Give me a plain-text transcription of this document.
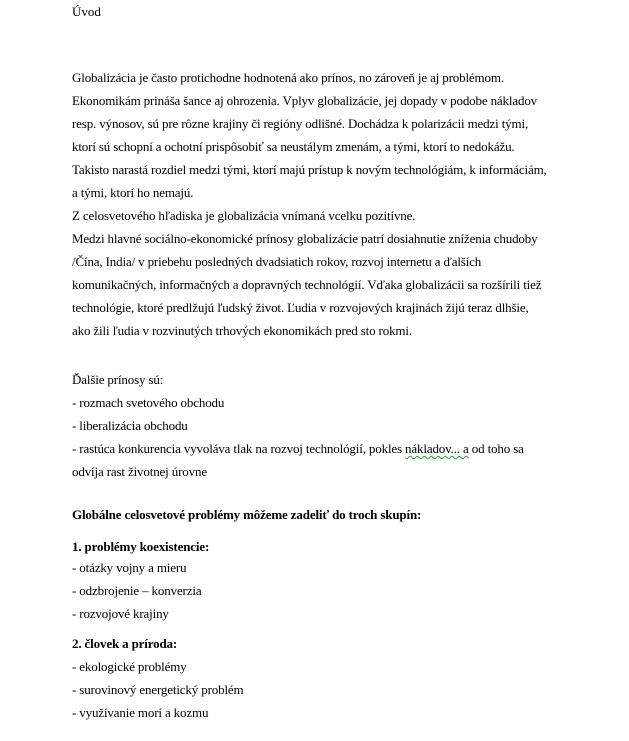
Úvod
Globalizácia je často protichodne hodnotená ako prínos, no zároveň je aj problémom.
Ekonomikám prináša šance aj ohrozenia. Vplyv globalizácie, jej dopady v podobe nákladov
resp. výnosov, sú pre rôzne krajiny či regióny odlišné. Dochádza k polarizácii medzi tými,
ktorí sú schopní a ochotní prispôsobiť sa neustálym zmenám, a tými, ktorí to nedokážu.
Takisto narastá rozdiel medzi tými, ktorí majú prístup k novým technológiám, k informáciám,
a tými, ktorí ho nemajú.
Z celosvetového hľadiska je globalizácia vnímaná vcelku pozitívne.
Medzi hlavné sociálno-ekonomické prínosy globalizácie patrí dosiahnutie zníženia chudoby
/Čína, India/ v priebehu posledných dvadsiatich rokov, rozvoj internetu a ďalších
komunikačných, informačných a dopravných technológií. Vďaka globalizácii sa rozšírili tiež
technológie, ktoré predlžujú ľudský život. Ľudia v rozvojových krajinách žijú teraz dlhšie,
ako žili ľudia v rozvinutých trhových ekonomikách pred sto rokmi.
Ďalšie prínosy sú:
- rozmach svetového obchodu
- liberalizácia obchodu
- rastúca konkurencia vyvoláva tlak na rozvoj technológií, pokles nákladov... a od toho sa
odvíja rast životnej úrovne
Globálne celosvetové problémy môžeme zadeliť do troch skupín:
1. problémy koexistencie:
- otázky vojny a mieru
- odzbrojenie – konverzia
- rozvojové krajiny
2. človek a príroda:
- ekologické problémy
- surovinový energetický problém
- využívanie morí a kozmu
